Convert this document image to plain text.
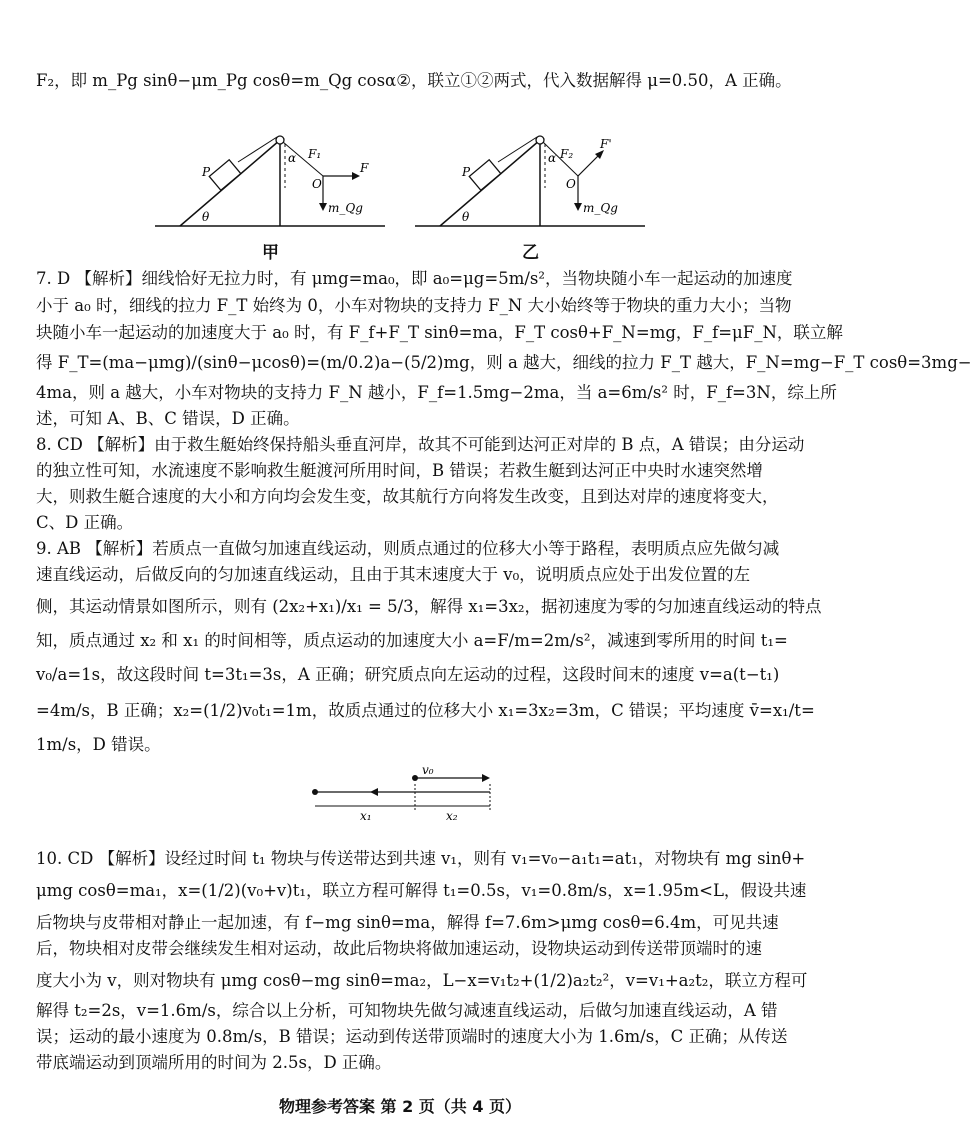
F₂，即 m_Pg sinθ−μm_Pg cosθ=m_Qg cosα②，联立①②两式，代入数据解得 μ=0.50，A 正确。
P
θ
α F₁
O
F
m_Qg
甲
P
θ
α F₂
O
F'
m_Qg
乙
7. D 【解析】细线恰好无拉力时，有 μmg=ma₀，即 a₀=μg=5m/s²，当物块随小车一起运动的加速度
小于 a₀ 时，细线的拉力 F_T 始终为 0，小车对物块的支持力 F_N 大小始终等于物块的重力大小；当物
块随小车一起运动的加速度大于 a₀ 时，有 F_f+F_T sinθ=ma，F_T cosθ+F_N=mg，F_f=μF_N，联立解
得 F_T=(ma−μmg)/(sinθ−μcosθ)=(m/0.2)a−(5/2)mg，则 a 越大，细线的拉力 F_T 越大，F_N=mg−F_T cosθ=3mg−
4ma，则 a 越大，小车对物块的支持力 F_N 越小，F_f=1.5mg−2ma，当 a=6m/s² 时，F_f=3N，综上所
述，可知 A、B、C 错误，D 正确。
8. CD 【解析】由于救生艇始终保持船头垂直河岸，故其不可能到达河正对岸的 B 点，A 错误；由分运动
的独立性可知，水流速度不影响救生艇渡河所用时间，B 错误；若救生艇到达河正中央时水速突然增
大，则救生艇合速度的大小和方向均会发生变，故其航行方向将发生改变，且到达对岸的速度将变大，
C、D 正确。
9. AB 【解析】若质点一直做匀加速直线运动，则质点通过的位移大小等于路程，表明质点应先做匀减
速直线运动，后做反向的匀加速直线运动，且由于其末速度大于 v₀，说明质点应处于出发位置的左
侧，其运动情景如图所示，则有 (2x₂+x₁)/x₁ = 5/3，解得 x₁=3x₂，据初速度为零的匀加速直线运动的特点
知，质点通过 x₂ 和 x₁ 的时间相等，质点运动的加速度大小 a=F/m=2m/s²，减速到零所用的时间 t₁=
v₀/a=1s，故这段时间 t=3t₁=3s，A 正确；研究质点向左运动的过程，这段时间末的速度 v=a(t−t₁)
=4m/s，B 正确；x₂=(1/2)v₀t₁=1m，故质点通过的位移大小 x₁=3x₂=3m，C 错误；平均速度 v̄=x₁/t=
1m/s，D 错误。
v₀
x₁	x₂
10. CD 【解析】设经过时间 t₁ 物块与传送带达到共速 v₁，则有 v₁=v₀−a₁t₁=at₁，对物块有 mg sinθ+
μmg cosθ=ma₁，x=(1/2)(v₀+v)t₁，联立方程可解得 t₁=0.5s，v₁=0.8m/s，x=1.95m<L，假设共速
后物块与皮带相对静止一起加速，有 f−mg sinθ=ma，解得 f=7.6m>μmg cosθ=6.4m，可见共速
后，物块相对皮带会继续发生相对运动，故此后物块将做加速运动，设物块运动到传送带顶端时的速
度大小为 v，则对物块有 μmg cosθ−mg sinθ=ma₂，L−x=v₁t₂+(1/2)a₂t₂²，v=v₁+a₂t₂，联立方程可
解得 t₂=2s，v=1.6m/s，综合以上分析，可知物块先做匀减速直线运动，后做匀加速直线运动，A 错
误；运动的最小速度为 0.8m/s，B 错误；运动到传送带顶端时的速度大小为 1.6m/s，C 正确；从传送
带底端运动到顶端所用的时间为 2.5s，D 正确。
物理参考答案 第 2 页（共 4 页）
